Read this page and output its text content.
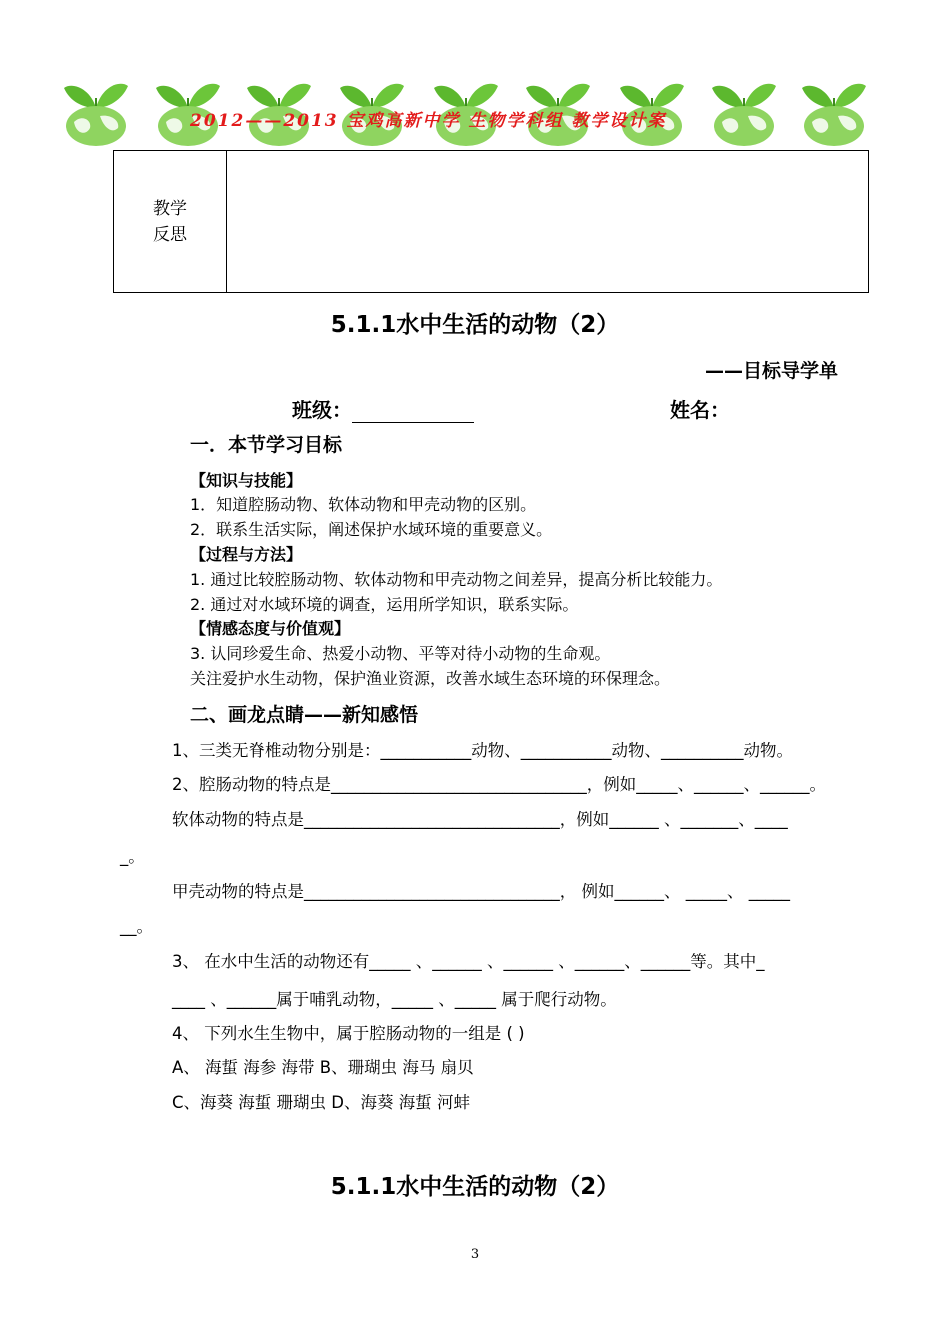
2012——2013 宝鸡高新中学 生物学科组 教学设计案
教学
反思
5.1.1水中生活的动物（2）
——目标导学单
班级：	姓名：
一．本节学习目标
【知识与技能】
1．知道腔肠动物、软体动物和甲壳动物的区别。
2．联系生活实际，阐述保护水域环境的重要意义。
【过程与方法】
1. 通过比较腔肠动物、软体动物和甲壳动物之间差异，提高分析比较能力。
2. 通过对水域环境的调查，运用所学知识，联系实际。
【情感态度与价值观】
3. 认同珍爱生命、热爱小动物、平等对待小动物的生命观。
关注爱护水生动物，保护渔业资源，改善水域生态环境的环保理念。
二、画龙点睛——新知感悟
1、三类无脊椎动物分别是：___________动物、___________动物、__________动物。
2、腔肠动物的特点是_______________________________，例如_____、______、______。
软体动物的特点是_______________________________，例如______ 、_______、____
_。
甲壳动物的特点是_______________________________， 例如______、 _____、 _____
__。
3、 在水中生活的动物还有_____ 、______ 、______ 、______、______等。其中_
____ 、______属于哺乳动物，_____ 、_____ 属于爬行动物。
4、 下列水生生物中，属于腔肠动物的一组是 ( )
A、 海蜇 海参 海带 B、珊瑚虫 海马 扇贝
C、海葵 海蜇 珊瑚虫 D、海葵 海蜇 河蚌
5.1.1水中生活的动物（2）
3
